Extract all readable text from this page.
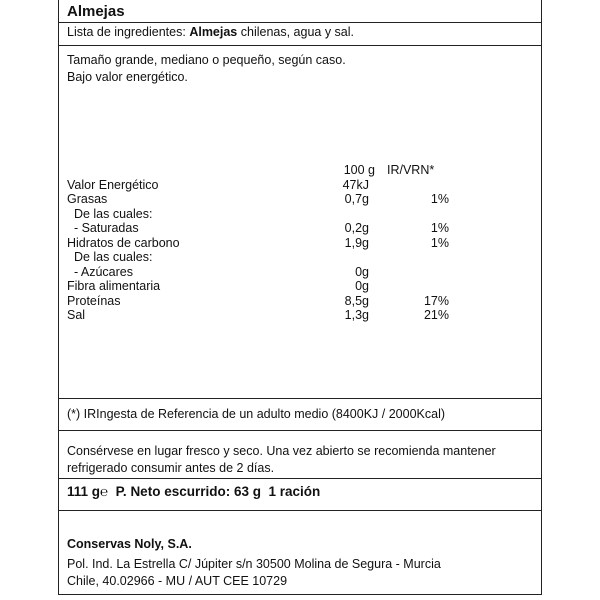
Almejas
Lista de ingredientes: Almejas chilenas, agua y sal.
Tamaño grande, mediano o pequeño, según caso.
Bajo valor energético.
100 g IR/VRN*
Valor Energético	47kJ
Grasas	0,7g	1%
De las cuales:
- Saturadas	0,2g	1%
Hidratos de carbono	1,9g	1%
De las cuales:
- Azúcares	0g
Fibra alimentaria	0g
Proteínas	8,5g	17%
Sal	1,3g	21%
(*) IRIngesta de Referencia de un adulto medio (8400KJ / 2000Kcal)
Consérvese en lugar fresco y seco. Una vez abierto se recomienda mantener
refrigerado consumir antes de 2 días.
111 g℮ P. Neto escurrido: 63 g 1 ración
Conservas Noly, S.A.
Pol. Ind. La Estrella C/ Júpiter s/n 30500 Molina de Segura - Murcia
Chile, 40.02966 - MU / AUT CEE 10729
